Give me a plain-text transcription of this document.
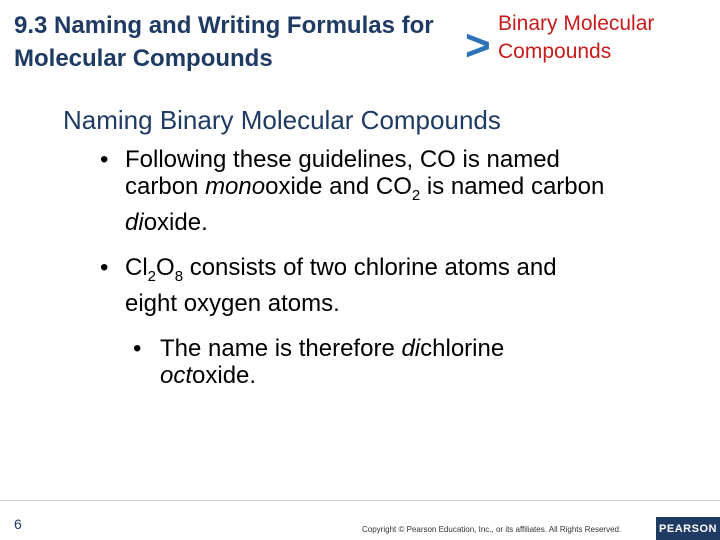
9.3 Naming and Writing Formulas for
Molecular Compounds	> Binary Molecular
Compounds
Naming Binary Molecular Compounds
• Following these guidelines, CO is named
carbon monooxide and $CO_2$ is named carbon
dioxide.
• $Cl_2O_8$ consists of two chlorine atoms and
eight oxygen atoms.
• The name is therefore dichlorine
octoxide.
6	Copyright © Pearson Education, Inc., or its affiliates. All Rights Reserved.	PEARSON
